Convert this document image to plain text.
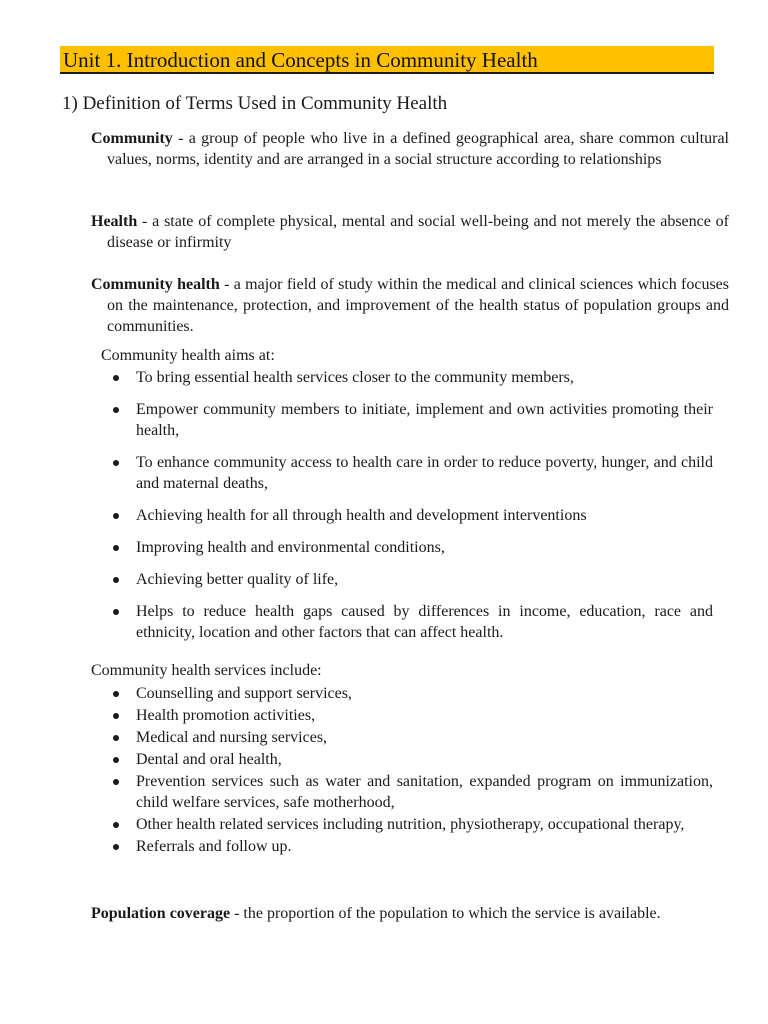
Unit 1. Introduction and Concepts in Community Health
1) Definition of Terms Used in Community Health
Community - a group of people who live in a defined geographical area, share common cultural values, norms, identity and are arranged in a social structure according to relationships
Health - a state of complete physical, mental and social well-being and not merely the absence of disease or infirmity
Community health - a major field of study within the medical and clinical sciences which focuses on the maintenance, protection, and improvement of the health status of population groups and communities.
Community health aims at:
To bring essential health services closer to the community members,
Empower community members to initiate, implement and own activities promoting their health,
To enhance community access to health care in order to reduce poverty, hunger, and child and maternal deaths,
Achieving health for all through health and development interventions
Improving health and environmental conditions,
Achieving better quality of life,
Helps to reduce health gaps caused by differences in income, education, race and ethnicity, location and other factors that can affect health.
Community health services include:
Counselling and support services,
Health promotion activities,
Medical and nursing services,
Dental and oral health,
Prevention services such as water and sanitation, expanded program on immunization, child welfare services, safe motherhood,
Other health related services including nutrition, physiotherapy, occupational therapy,
Referrals and follow up.
Population coverage - the proportion of the population to which the service is available.
